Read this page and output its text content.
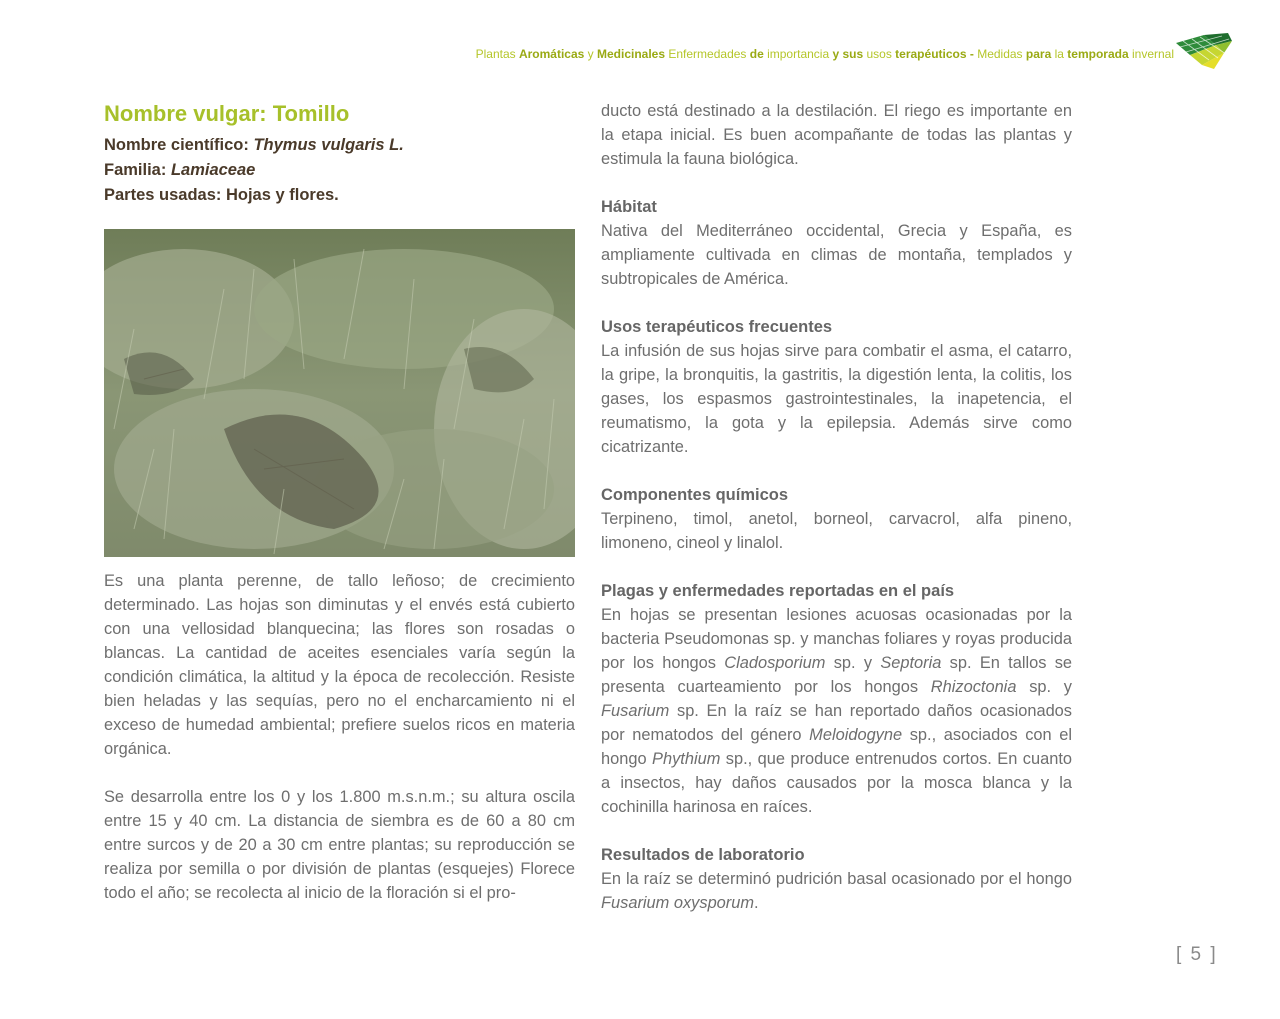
Plantas Aromáticas y Medicinales Enfermedades de importancia y sus usos terapéuticos - Medidas para la temporada invernal
Nombre vulgar: Tomillo

Nombre científico: Thymus vulgaris L.

Familia: Lamiaceae

Partes usadas: Hojas y flores.

Es una planta perenne, de tallo leñoso; de crecimiento determinado. Las hojas son diminutas y el envés está cubierto con una vellosidad blanquecina; las flores son rosadas o blancas. La cantidad de aceites esenciales varía según la condición climática, la altitud y la época de recolección. Resiste bien heladas y las sequías, pero no el encharcamiento ni el exceso de humedad ambiental; prefiere suelos ricos en materia orgánica.

Se desarrolla entre los 0 y los 1.800 m.s.n.m.; su altura oscila entre 15 y 40 cm. La distancia de siembra es de 60 a 80 cm entre surcos y de 20 a 30 cm entre plantas; su reproducción se realiza por semilla o por división de plantas (esquejes) Florece todo el año; se recolecta al inicio de la floración si el pro-

ducto está destinado a la destilación. El riego es importante en la etapa inicial. Es buen acompañante de todas las plantas y estimula la fauna biológica.

Hábitat

Nativa del Mediterráneo occidental, Grecia y España, es ampliamente cultivada en climas de montaña, templados y subtropicales de América.

Usos terapéuticos frecuentes

La infusión de sus hojas sirve para combatir el asma, el catarro, la gripe, la bronquitis, la gastritis, la digestión lenta, la colitis, los gases, los espasmos gastrointestinales, la inapetencia, el reumatismo, la gota y la epilepsia. Además sirve como cicatrizante.

Componentes químicos

Terpineno, timol, anetol, borneol, carvacrol, alfa pineno, limoneno, cineol y linalol.

Plagas y enfermedades reportadas en el país

En hojas se presentan lesiones acuosas ocasionadas por la bacteria Pseudomonas sp. y manchas foliares y royas producida por los hongos Cladosporium sp. y Septoria sp. En tallos se presenta cuarteamiento por los hongos Rhizoctonia sp. y Fusarium sp. En la raíz se han reportado daños ocasionados por nematodos del género Meloidogyne sp., asociados con el hongo Phythium sp., que produce entrenudos cortos. En cuanto a insectos, hay daños causados por la mosca blanca y la cochinilla harinosa en raíces.

Resultados de laboratorio

En la raíz se determinó pudrición basal ocasionado por el hongo Fusarium oxysporum.

[ 5 ]
